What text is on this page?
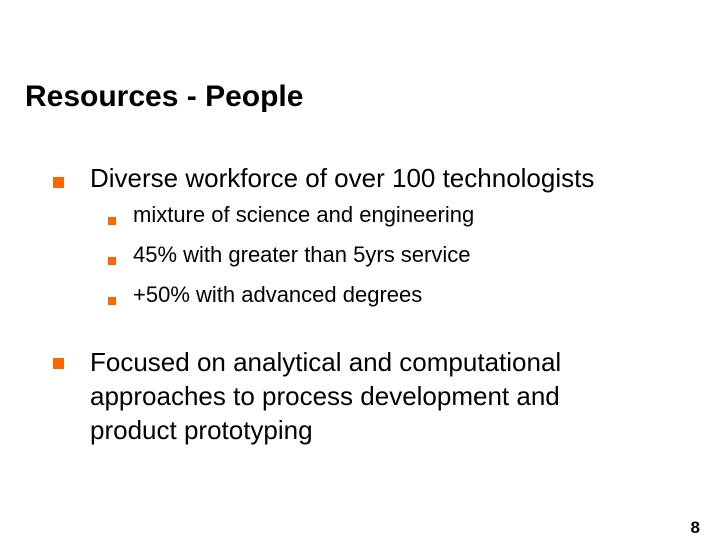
Resources - People
Diverse workforce of over 100 technologists
mixture of science and engineering
45% with greater than 5yrs service
+50% with advanced degrees
Focused on analytical and computational approaches to process development and product prototyping
8
